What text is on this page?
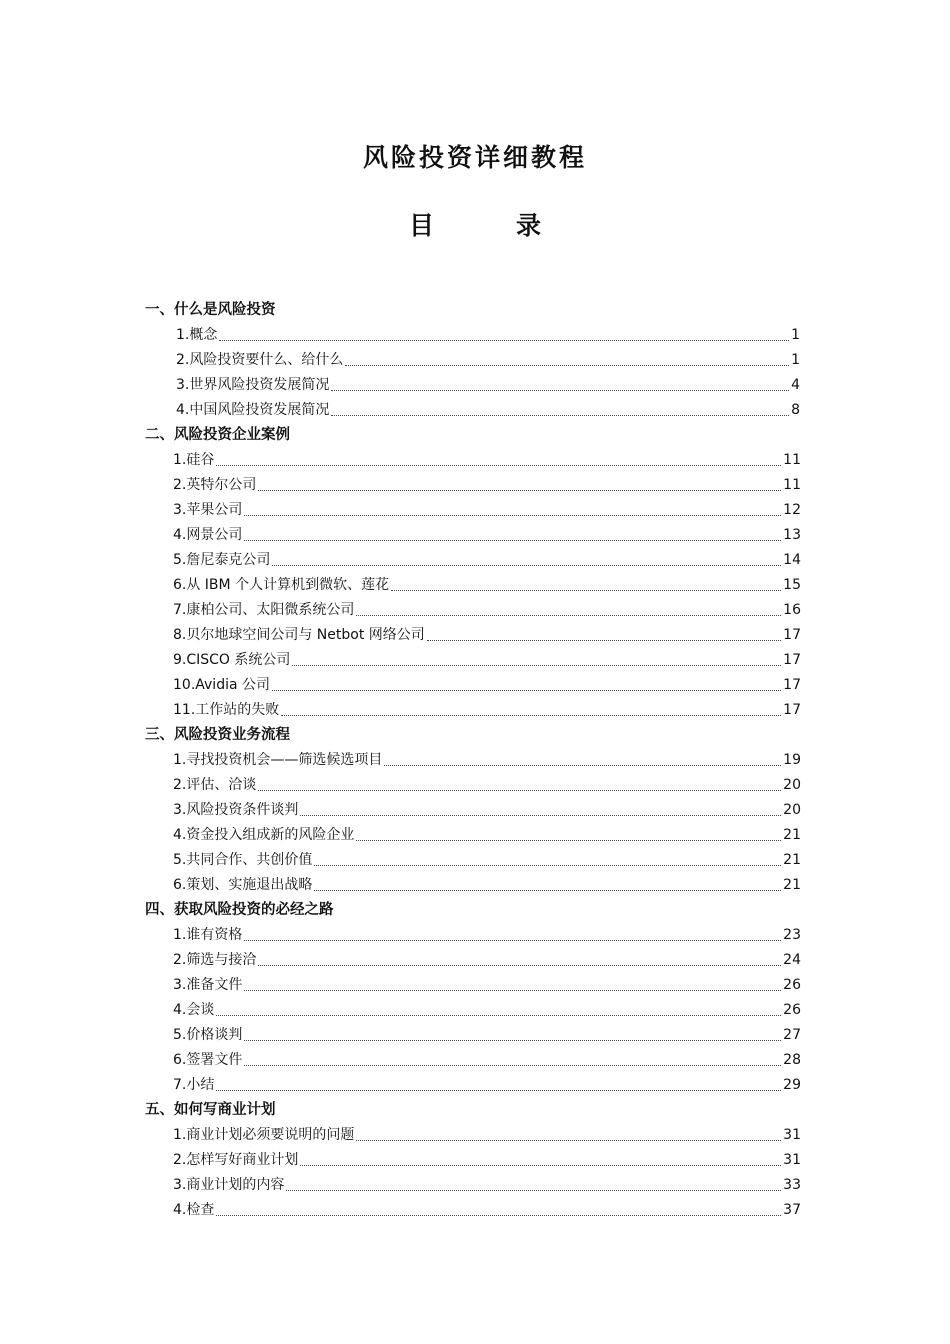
风险投资详细教程
目	录
一、什么是风险投资
1.概念	1
2.风险投资要什么、给什么	1
3.世界风险投资发展简况	4
4.中国风险投资发展简况	8
二、风险投资企业案例
1.硅谷	11
2.英特尔公司	11
3.苹果公司	12
4.网景公司	13
5.詹尼泰克公司	14
6.从 IBM 个人计算机到微软、莲花	15
7.康柏公司、太阳微系统公司	16
8.贝尔地球空间公司与 Netbot 网络公司	17
9.CISCO 系统公司	17
10.Avidia 公司	17
11.工作站的失败	17
三、风险投资业务流程
1.寻找投资机会——筛选候选项目	19
2.评估、洽谈	20
3.风险投资条件谈判	20
4.资金投入组成新的风险企业	21
5.共同合作、共创价值	21
6.策划、实施退出战略	21
四、获取风险投资的必经之路
1.谁有资格	23
2.筛选与接洽	24
3.准备文件	26
4.会谈	26
5.价格谈判	27
6.签署文件	28
7.小结	29
五、如何写商业计划
1.商业计划必须要说明的问题	31
2.怎样写好商业计划	31
3.商业计划的内容	33
4.检查	37
